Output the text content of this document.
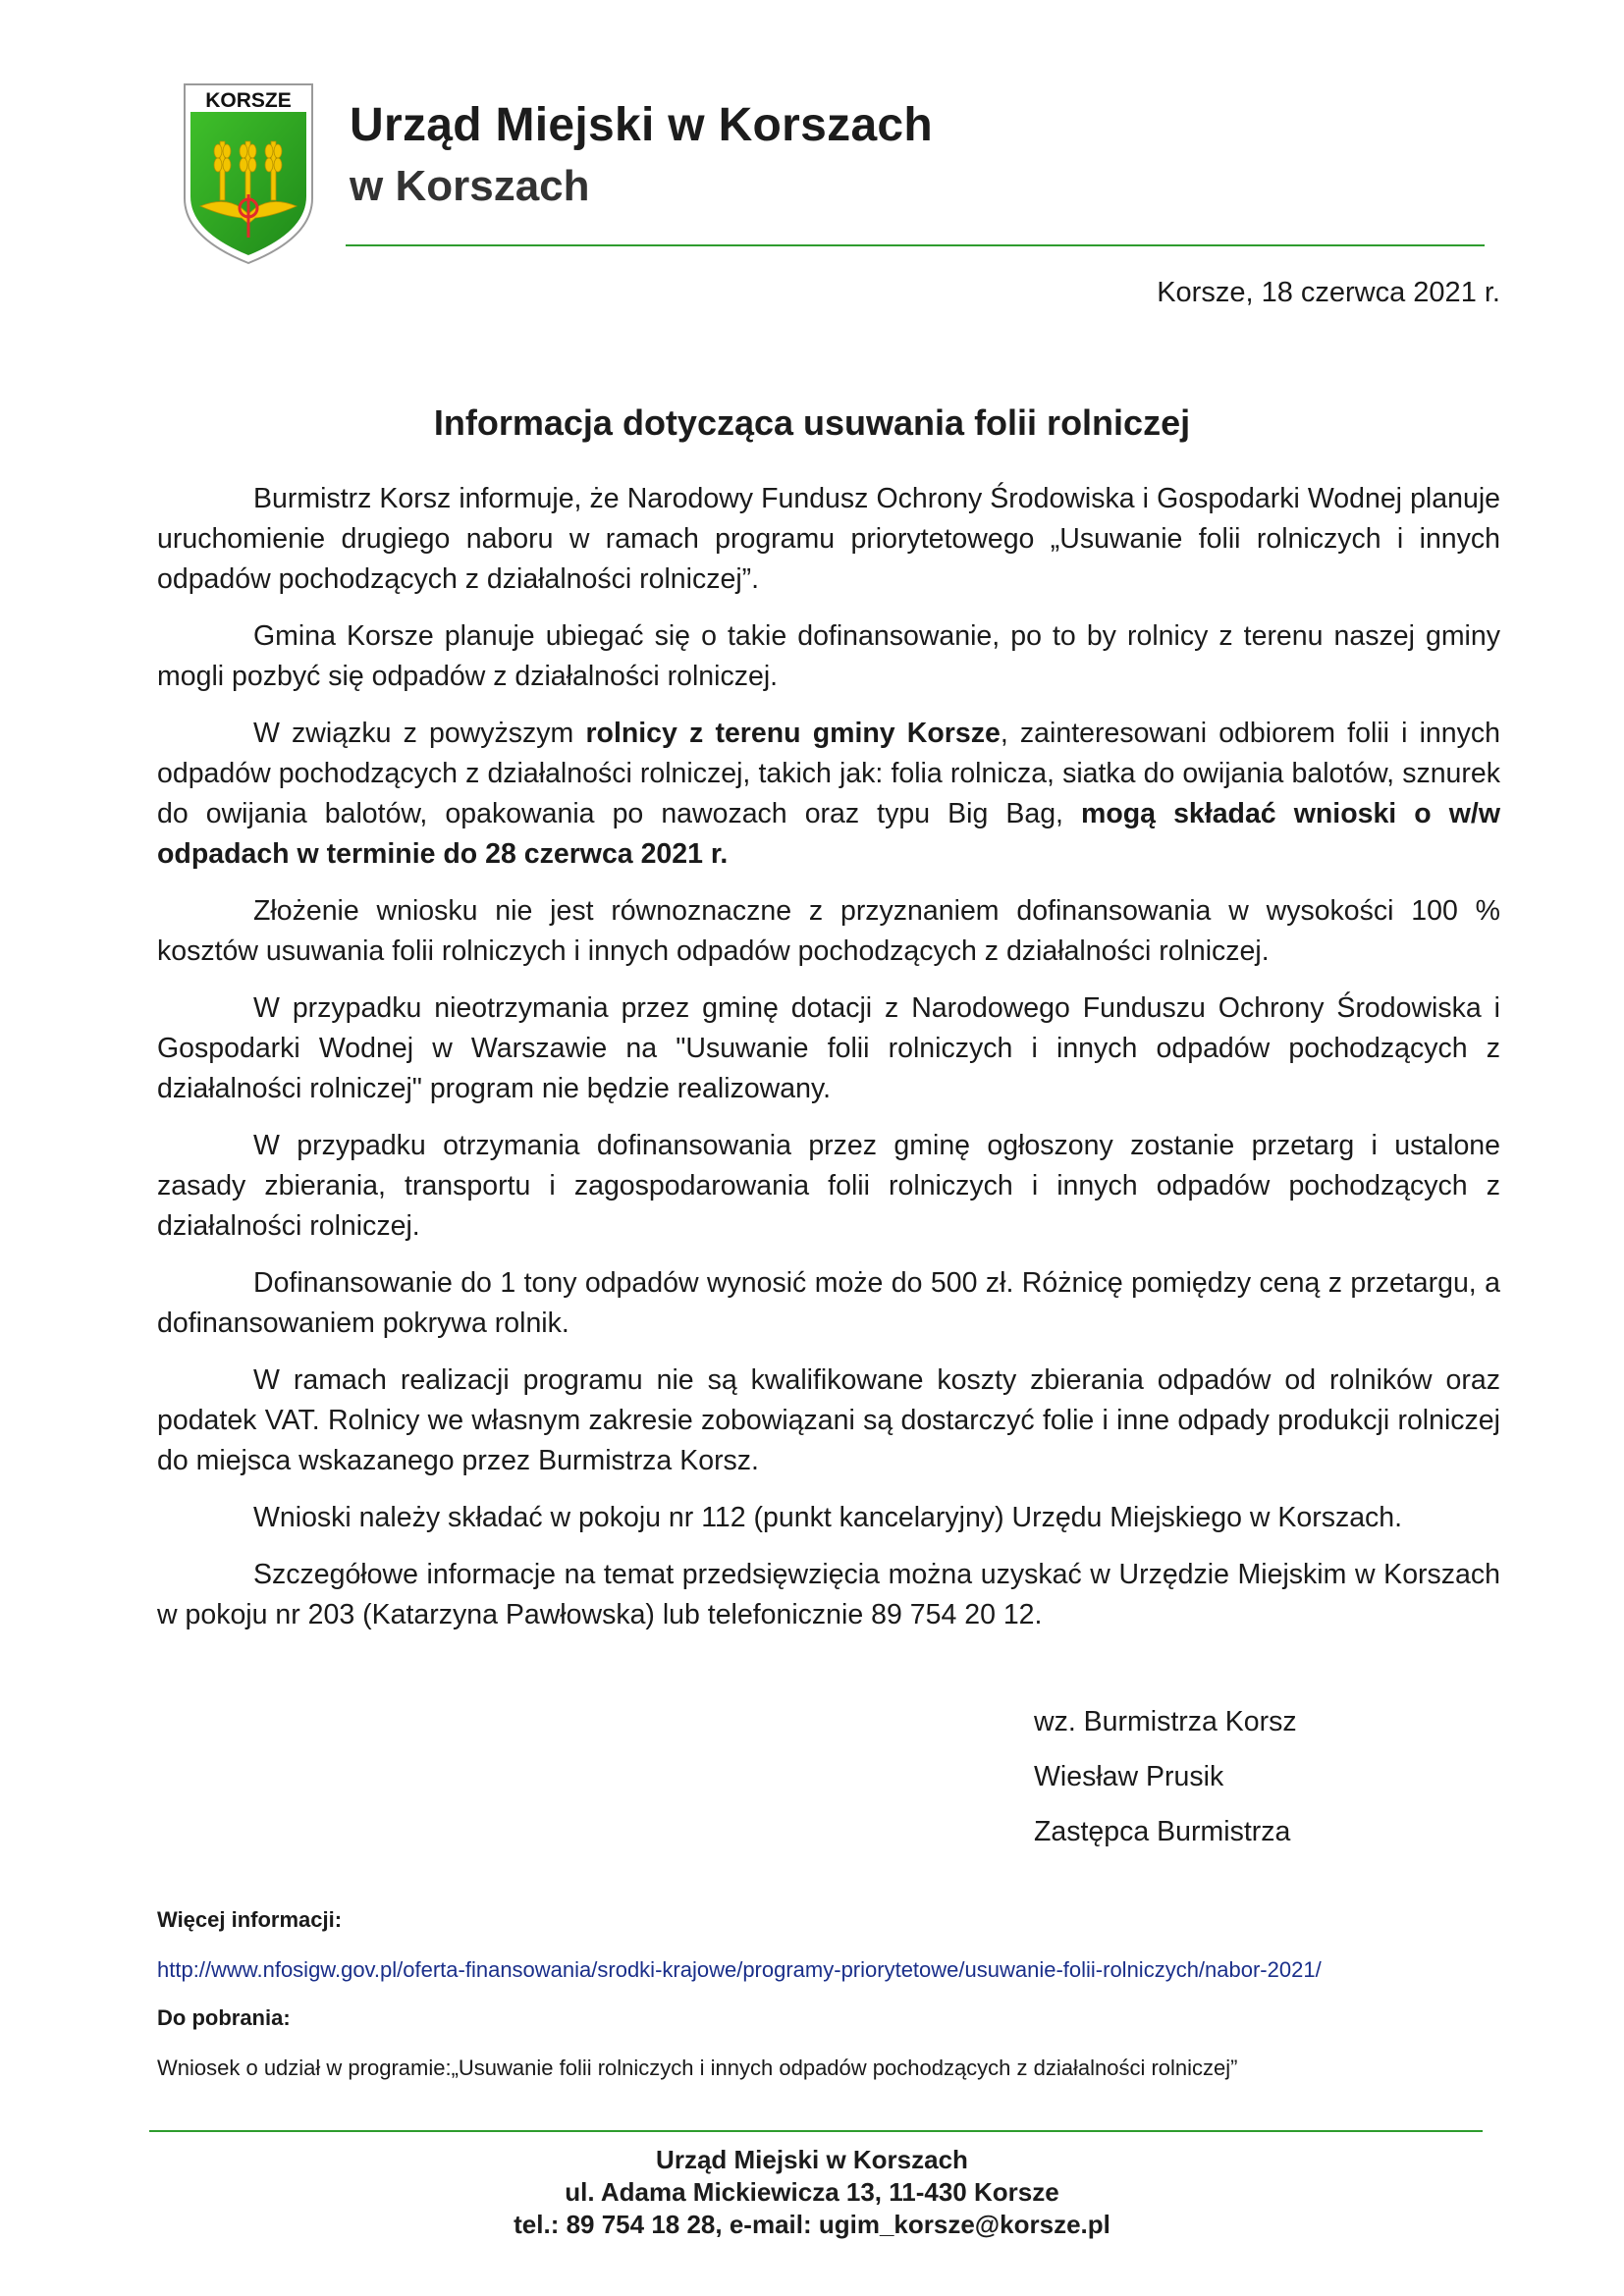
KORSZE Urząd Miejski w Korszach
w Korszach
Korsze, 18 czerwca 2021 r.
Informacja dotycząca usuwania folii rolniczej

Burmistrz Korsz informuje, że Narodowy Fundusz Ochrony Środowiska i Gospodarki Wodnej planuje uruchomienie drugiego naboru w ramach programu priorytetowego „Usuwanie folii rolniczych i innych odpadów pochodzących z działalności rolniczej”.

Gmina Korsze planuje ubiegać się o takie dofinansowanie, po to by rolnicy z terenu naszej gminy mogli pozbyć się odpadów z działalności rolniczej.

W związku z powyższym rolnicy z terenu gminy Korsze, zainteresowani odbiorem folii i innych odpadów pochodzących z działalności rolniczej, takich jak: folia rolnicza, siatka do owijania balotów, sznurek do owijania balotów, opakowania po nawozach oraz typu Big Bag, mogą składać wnioski o w/w odpadach w terminie do 28 czerwca 2021 r.

Złożenie wniosku nie jest równoznaczne z przyznaniem dofinansowania w wysokości 100 % kosztów usuwania folii rolniczych i innych odpadów pochodzących z działalności rolniczej.

W przypadku nieotrzymania przez gminę dotacji z Narodowego Funduszu Ochrony Środowiska i Gospodarki Wodnej w Warszawie na "Usuwanie folii rolniczych i innych odpadów pochodzących z działalności rolniczej" program nie będzie realizowany.

W przypadku otrzymania dofinansowania przez gminę ogłoszony zostanie przetarg i ustalone zasady zbierania, transportu i zagospodarowania folii rolniczych i innych odpadów pochodzących z działalności rolniczej.

Dofinansowanie do 1 tony odpadów wynosić może do 500 zł. Różnicę pomiędzy ceną z przetargu, a dofinansowaniem pokrywa rolnik.

W ramach realizacji programu nie są kwalifikowane koszty zbierania odpadów od rolników oraz podatek VAT. Rolnicy we własnym zakresie zobowiązani są dostarczyć folie i inne odpady produkcji rolniczej do miejsca wskazanego przez Burmistrza Korsz.

Wnioski należy składać w pokoju nr 112 (punkt kancelaryjny) Urzędu Miejskiego w Korszach.

Szczegółowe informacje na temat przedsięwzięcia można uzyskać w Urzędzie Miejskim w Korszach w pokoju nr 203 (Katarzyna Pawłowska) lub telefonicznie 89 754 20 12.

wz. Burmistrza Korsz
Wiesław Prusik
Zastępca Burmistrza
Więcej informacji:
http://www.nfosigw.gov.pl/oferta-finansowania/srodki-krajowe/programy-priorytetowe/usuwanie-folii-rolniczych/nabor-2021/
Do pobrania:
Wniosek o udział w programie:„Usuwanie folii rolniczych i innych odpadów pochodzących z działalności rolniczej”
Urząd Miejski w Korszach
ul. Adama Mickiewicza 13, 11-430 Korsze
tel.: 89 754 18 28, e-mail: ugim_korsze@korsze.pl
